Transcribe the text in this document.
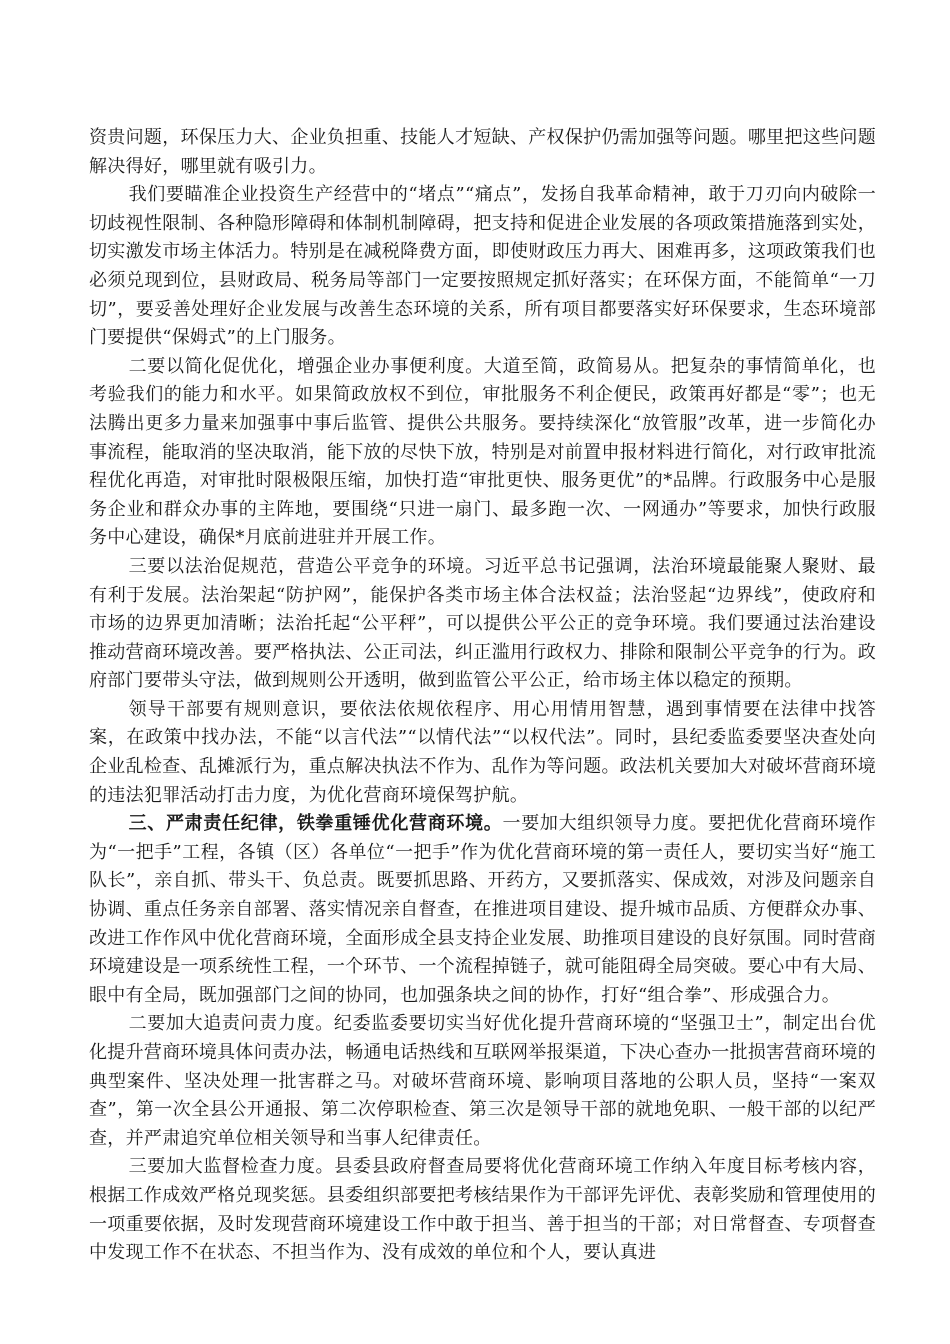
资贵问题，环保压力大、企业负担重、技能人才短缺、产权保护仍需加强等问题。哪里把这些问题解决得好，哪里就有吸引力。

我们要瞄准企业投资生产经营中的“堵点”“痛点”，发扬自我革命精神，敢于刀刃向内破除一切歧视性限制、各种隐形障碍和体制机制障碍，把支持和促进企业发展的各项政策措施落到实处，切实激发市场主体活力。特别是在减税降费方面，即使财政压力再大、困难再多，这项政策我们也必须兑现到位，县财政局、税务局等部门一定要按照规定抓好落实；在环保方面，不能简单“一刀切”，要妥善处理好企业发展与改善生态环境的关系，所有项目都要落实好环保要求，生态环境部门要提供“保姆式”的上门服务。

二要以简化促优化，增强企业办事便利度。大道至简，政简易从。把复杂的事情简单化，也考验我们的能力和水平。如果简政放权不到位，审批服务不利企便民，政策再好都是“零”；也无法腾出更多力量来加强事中事后监管、提供公共服务。要持续深化“放管服”改革，进一步简化办事流程，能取消的坚决取消，能下放的尽快下放，特别是对前置申报材料进行简化，对行政审批流程优化再造，对审批时限极限压缩，加快打造“审批更快、服务更优”的*品牌。行政服务中心是服务企业和群众办事的主阵地，要围绕“只进一扇门、最多跑一次、一网通办”等要求，加快行政服务中心建设，确保*月底前进驻并开展工作。

三要以法治促规范，营造公平竞争的环境。习近平总书记强调，法治环境最能聚人聚财、最有利于发展。法治架起“防护网”，能保护各类市场主体合法权益；法治竖起“边界线”，使政府和市场的边界更加清晰；法治托起“公平秤”，可以提供公平公正的竞争环境。我们要通过法治建设推动营商环境改善。要严格执法、公正司法，纠正滥用行政权力、排除和限制公平竞争的行为。政府部门要带头守法，做到规则公开透明，做到监管公平公正，给市场主体以稳定的预期。

领导干部要有规则意识，要依法依规依程序、用心用情用智慧，遇到事情要在法律中找答案，在政策中找办法，不能“以言代法”“以情代法”“以权代法”。同时，县纪委监委要坚决查处向企业乱检查、乱摊派行为，重点解决执法不作为、乱作为等问题。政法机关要加大对破坏营商环境的违法犯罪活动打击力度，为优化营商环境保驾护航。

三、严肃责任纪律，铁拳重锤优化营商环境。一要加大组织领导力度。要把优化营商环境作为“一把手”工程，各镇（区）各单位“一把手”作为优化营商环境的第一责任人，要切实当好“施工队长”，亲自抓、带头干、负总责。既要抓思路、开药方，又要抓落实、保成效，对涉及问题亲自协调、重点任务亲自部署、落实情况亲自督查，在推进项目建设、提升城市品质、方便群众办事、改进工作作风中优化营商环境，全面形成全县支持企业发展、助推项目建设的良好氛围。同时营商环境建设是一项系统性工程，一个环节、一个流程掉链子，就可能阻碍全局突破。要心中有大局、眼中有全局，既加强部门之间的协同，也加强条块之间的协作，打好“组合拳”、形成强合力。

二要加大追责问责力度。纪委监委要切实当好优化提升营商环境的“坚强卫士”，制定出台优化提升营商环境具体问责办法，畅通电话热线和互联网举报渠道，下决心查办一批损害营商环境的典型案件、坚决处理一批害群之马。对破坏营商环境、影响项目落地的公职人员，坚持“一案双查”，第一次全县公开通报、第二次停职检查、第三次是领导干部的就地免职、一般干部的以纪严查，并严肃追究单位相关领导和当事人纪律责任。

三要加大监督检查力度。县委县政府督查局要将优化营商环境工作纳入年度目标考核内容，根据工作成效严格兑现奖惩。县委组织部要把考核结果作为干部评先评优、表彰奖励和管理使用的一项重要依据，及时发现营商环境建设工作中敢于担当、善于担当的干部；对日常督查、专项督查中发现工作不在状态、不担当作为、没有成效的单位和个人，要认真进
